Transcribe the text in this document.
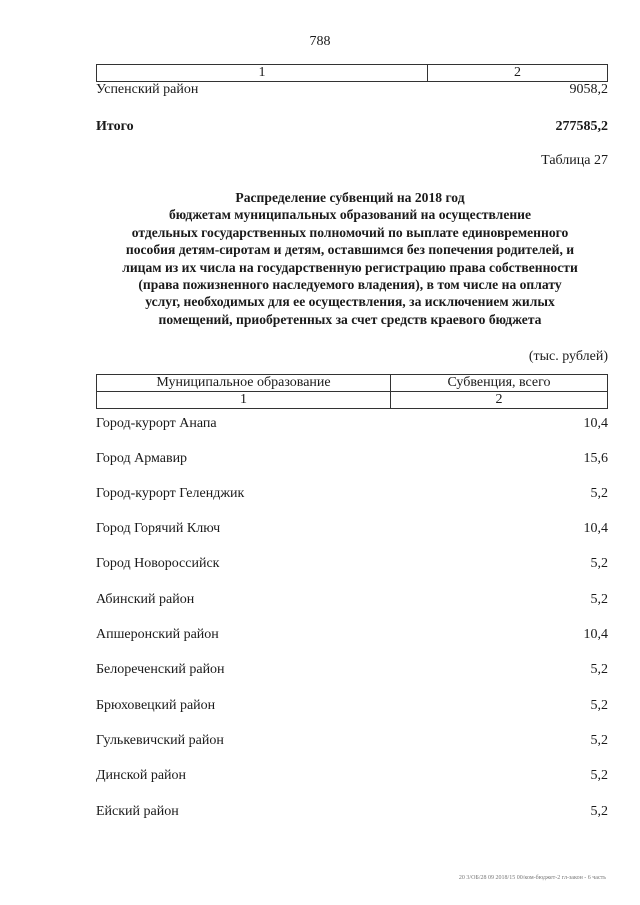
788
1	2
Успенский район	9058,2
Итого	277585,2
Таблица 27
Распределение субвенций на 2018 год
бюджетам муниципальных образований на осуществление
отдельных государственных полномочий по выплате единовременного
пособия детям-сиротам и детям, оставшимся без попечения родителей, и
лицам из их числа на государственную регистрацию права собственности
(права пожизненного наследуемого владения), в том числе на оплату
услуг, необходимых для ее осуществления, за исключением жилых
помещений, приобретенных за счет средств краевого бюджета
(тыс. рублей)
Муниципальное образование	Субвенция, всего
1	2
Город-курорт Анапа	10,4
Город Армавир	15,6
Город-курорт Геленджик	5,2
Город Горячий Ключ	10,4
Город Новороссийск	5,2
Абинский район	5,2
Апшеронский район	10,4
Белореченский район	5,2
Брюховецкий район	5,2
Гулькевичский район	5,2
Динской район	5,2
Ейский район	5,2
20 3/ОБ/28 09 2018/15 00/ком-бюджет-2 гл-закон - 6 часть
